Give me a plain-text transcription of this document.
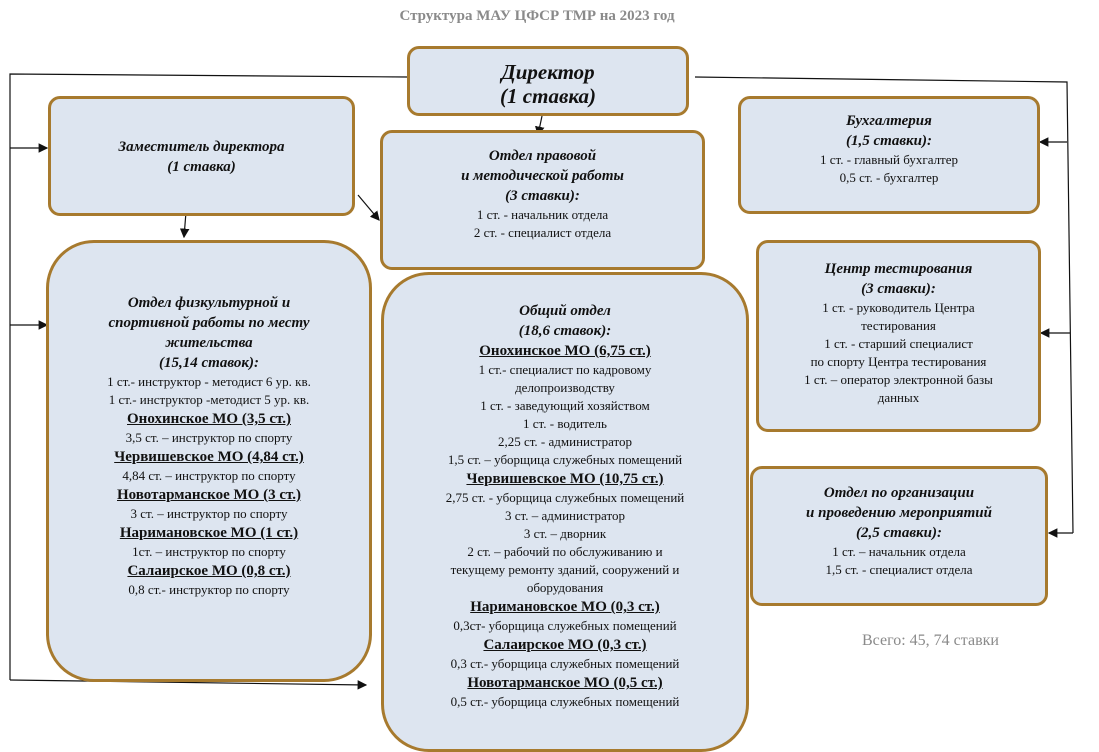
Структура МАУ ЦФСР ТМР на 2023 год
Директор
(1 ставка)
Заместитель директора
(1 ставка)
Отдел правовой
и методической работы
(3 ставки):
1 ст. - начальник отдела
2 ст. - специалист отдела
Бухгалтерия
(1,5 ставки):
1 ст. - главный бухгалтер
0,5 ст. - бухгалтер
Центр тестирования
(3 ставки):
1 ст. - руководитель Центра
тестирования
1 ст. - старший специалист
по спорту Центра тестирования
1 ст. – оператор электронной базы
данных
Отдел по организации
и проведению мероприятий
(2,5 ставки):
1 ст. – начальник отдела
1,5 ст. - специалист отдела
Отдел физкультурной и
спортивной работы по месту
жительства
(15,14 ставок):
1 ст.- инструктор - методист 6 ур. кв.
1 ст.- инструктор -методист 5 ур. кв.
Онохинское МО (3,5 ст.)
3,5 ст. – инструктор по спорту
Червишевское МО (4,84 ст.)
4,84 ст. – инструктор по спорту
Новотарманское МО (3 ст.)
3 ст. – инструктор по спорту
Наримановское МО (1 ст.)
1ст. – инструктор по спорту
Салаирское МО (0,8 ст.)
0,8 ст.- инструктор по спорту
Общий отдел
(18,6 ставок):
Онохинское МО (6,75 ст.)
1 ст.- специалист по кадровому
делопроизводству
1 ст. - заведующий хозяйством
1 ст. - водитель
2,25 ст. - администратор
1,5 ст. – уборщица служебных помещений
Червишевское МО (10,75 ст.)
2,75 ст. - уборщица служебных помещений
3 ст. – администратор
3 ст. – дворник
2 ст. – рабочий по обслуживанию и
текущему ремонту зданий, сооружений и
оборудования
Наримановское МО (0,3 ст.)
0,3ст- уборщица служебных помещений
Салаирское МО (0,3 ст.)
0,3 ст.- уборщица служебных помещений
Новотарманское МО (0,5 ст.)
0,5 ст.- уборщица служебных помещений
Всего: 45, 74 ставки
